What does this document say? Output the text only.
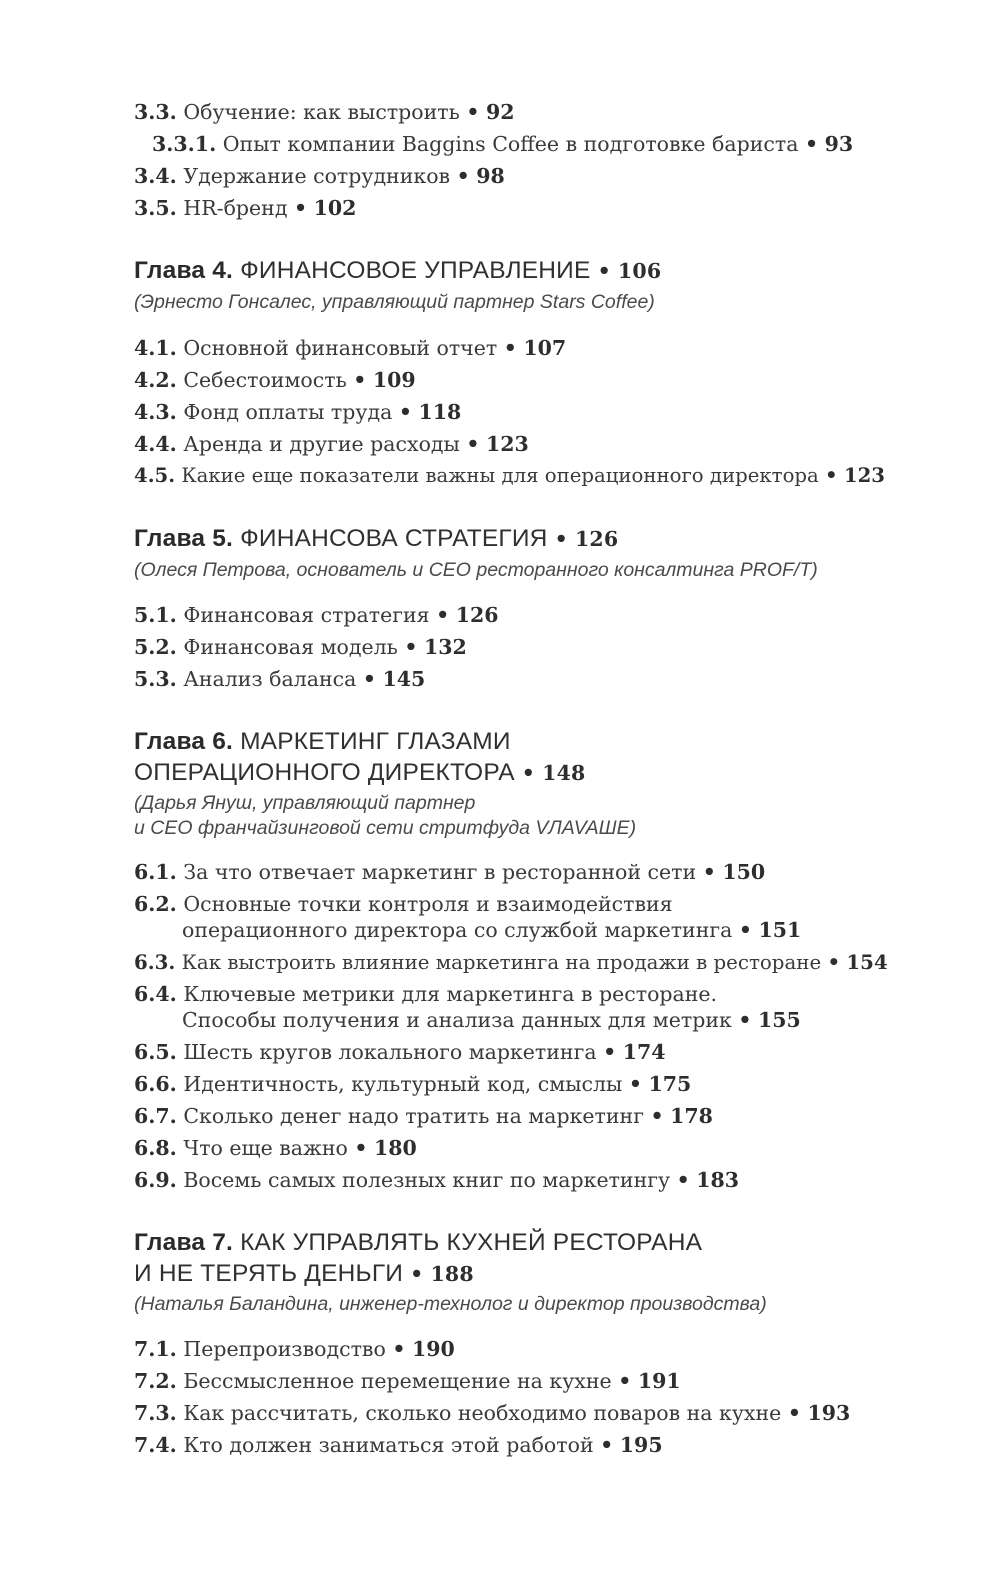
3.3. Обучение: как выстроить • 92
3.3.1. Опыт компании Baggins Coffee в подготовке бариста • 93
3.4. Удержание сотрудников • 98
3.5. HR-бренд • 102
Глава 4. ФИНАНСОВОЕ УПРАВЛЕНИЕ • 106
(Эрнесто Гонсалес, управляющий партнер Stars Coffee)
4.1. Основной финансовый отчет • 107
4.2. Себестоимость • 109
4.3. Фонд оплаты труда • 118
4.4. Аренда и другие расходы • 123
4.5. Какие еще показатели важны для операционного директора • 123
Глава 5. ФИНАНСОВА СТРАТЕГИЯ • 126
(Олеся Петрова, основатель и CEO ресторанного консалтинга PROF/T)
5.1. Финансовая стратегия • 126
5.2. Финансовая модель • 132
5.3. Анализ баланса • 145
Глава 6. МАРКЕТИНГ ГЛАЗАМИ
ОПЕРАЦИОННОГО ДИРЕКТОРА • 148
(Дарья Януш, управляющий партнер
и CEO франчайзинговой сети стритфуда VЛAVAШE)
6.1. За что отвечает маркетинг в ресторанной сети • 150
6.2. Основные точки контроля и взаимодействия
операционного директора со службой маркетинга • 151
6.3. Как выстроить влияние маркетинга на продажи в ресторане • 154
6.4. Ключевые метрики для маркетинга в ресторане.
Способы получения и анализа данных для метрик • 155
6.5. Шесть кругов локального маркетинга • 174
6.6. Идентичность, культурный код, смыслы • 175
6.7. Сколько денег надо тратить на маркетинг • 178
6.8. Что еще важно • 180
6.9. Восемь самых полезных книг по маркетингу • 183
Глава 7. КАК УПРАВЛЯТЬ КУХНЕЙ РЕСТОРАНА
И НЕ ТЕРЯТЬ ДЕНЬГИ • 188
(Наталья Баландина, инженер-технолог и директор производства)
7.1. Перепроизводство • 190
7.2. Бессмысленное перемещение на кухне • 191
7.3. Как рассчитать, сколько необходимо поваров на кухне • 193
7.4. Кто должен заниматься этой работой • 195
